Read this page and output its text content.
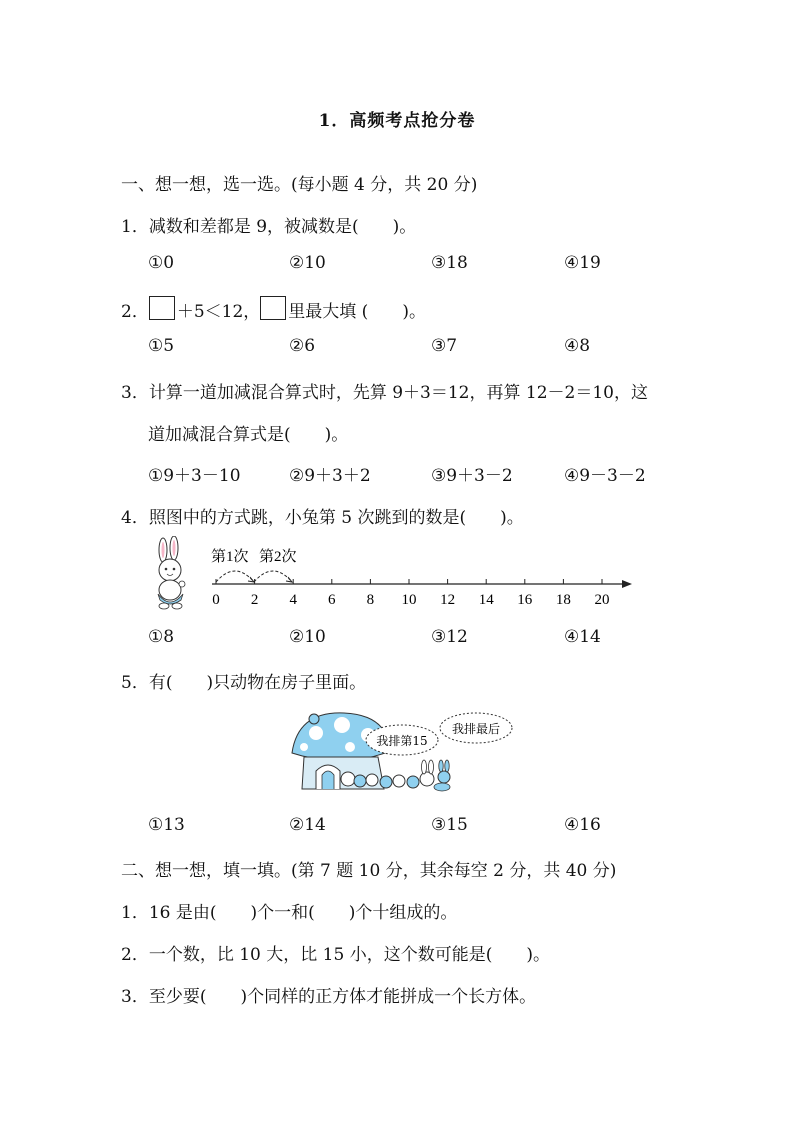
1．高频考点抢分卷
一、想一想，选一选。(每小题 4 分，共 20 分)
1．减数和差都是 9，被减数是(　　)。
①0	②10	③18	④19
2． ＋5＜12， 里最大填 (　　)。
①5	②6	③7	④8
3．计算一道加减混合算式时，先算 9＋3＝12，再算 12－2＝10，这
道加减混合算式是(　　)。
①9＋3－10	②9＋3＋2	③9＋3－2	④9－3－2
4．照图中的方式跳，小兔第 5 次跳到的数是(　　)。
第1次 第2次
0 2 4 6 8 10 12 14 16 18 20
①8	②10	③12	④14
5．有(　　)只动物在房子里面。
我排第15
我排最后
①13	②14	③15	④16
二、想一想，填一填。(第 7 题 10 分，其余每空 2 分，共 40 分)
1．16 是由(　　)个一和(　　)个十组成的。
2．一个数，比 10 大，比 15 小，这个数可能是(　　)。
3．至少要(　　)个同样的正方体才能拼成一个长方体。
